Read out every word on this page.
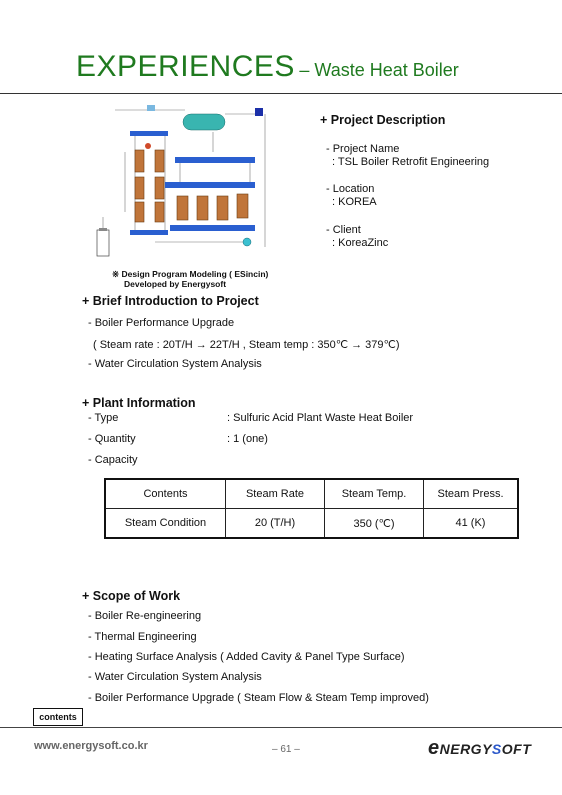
EXPERIENCES – Waste Heat Boiler
※ Design Program Modeling ( ESincin)
Developed by Energysoft
+ Project Description
- Project Name
: TSL Boiler Retrofit Engineering
- Location
: KOREA
- Client
: KoreaZinc
+ Brief Introduction to Project
- Boiler Performance Upgrade
( Steam rate : 20T/H → 22T/H , Steam temp : 350℃ → 379℃)
- Water Circulation System Analysis
+ Plant Information
- Type	: Sulfuric Acid Plant Waste Heat Boiler
- Quantity	: 1 (one)
- Capacity
Contents	Steam Rate	Steam Temp.	Steam Press.
Steam Condition	20 (T/H)	350 (℃)	41 (K)
+ Scope of Work
- Boiler Re-engineering
- Thermal Engineering
- Heating Surface Analysis ( Added Cavity & Panel Type Surface)
- Water Circulation System Analysis
- Boiler Performance Upgrade ( Steam Flow & Steam Temp improved)
contents
www.energysoft.co.kr	– 61 –	eNERGYSOFT
